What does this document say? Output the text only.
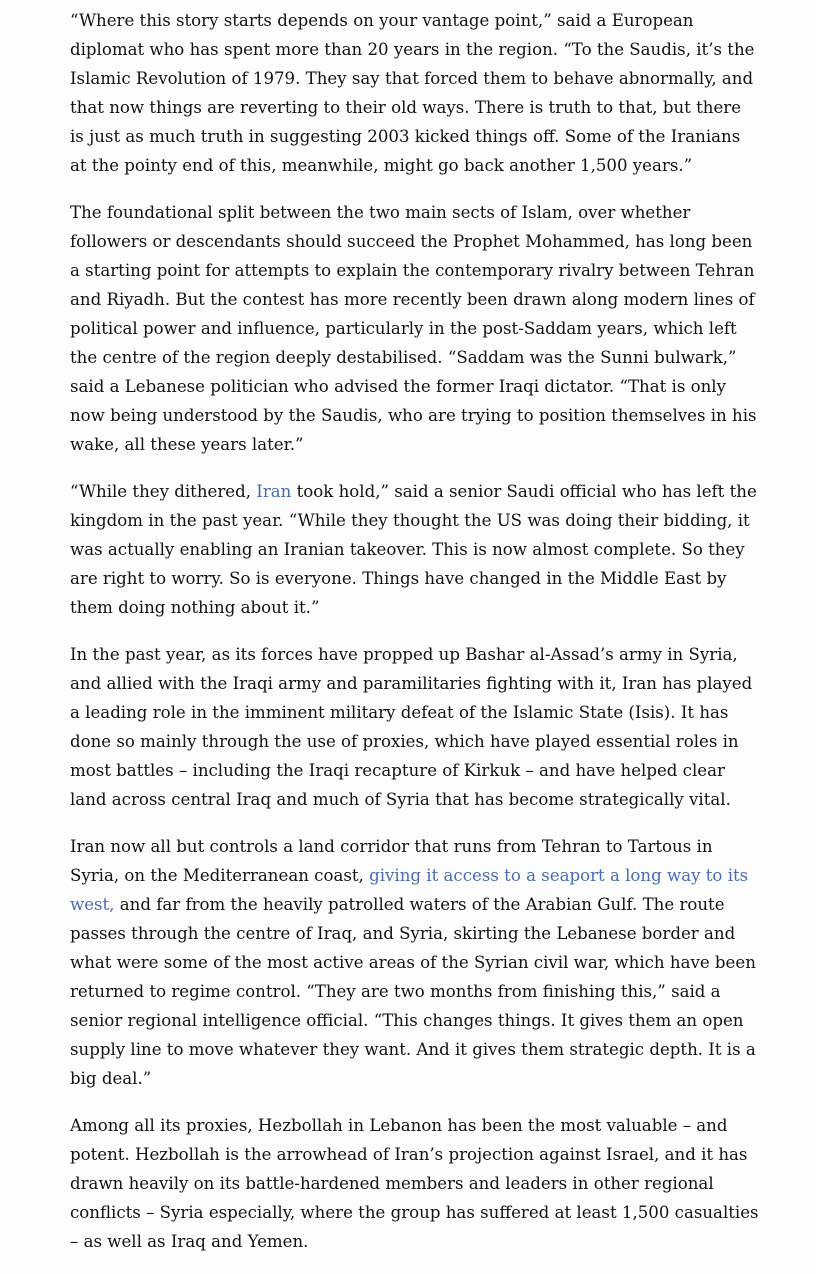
“Where this story starts depends on your vantage point,” said a European diplomat who has spent more than 20 years in the region. “To the Saudis, it’s the Islamic Revolution of 1979. They say that forced them to behave abnormally, and that now things are reverting to their old ways. There is truth to that, but there is just as much truth in suggesting 2003 kicked things off. Some of the Iranians at the pointy end of this, meanwhile, might go back another 1,500 years.”

The foundational split between the two main sects of Islam, over whether followers or descendants should succeed the Prophet Mohammed, has long been a starting point for attempts to explain the contemporary rivalry between Tehran and Riyadh. But the contest has more recently been drawn along modern lines of political power and influence, particularly in the post-Saddam years, which left the centre of the region deeply destabilised. “Saddam was the Sunni bulwark,” said a Lebanese politician who advised the former Iraqi dictator. “That is only now being understood by the Saudis, who are trying to position themselves in his wake, all these years later.”

“While they dithered, Iran took hold,” said a senior Saudi official who has left the kingdom in the past year. “While they thought the US was doing their bidding, it was actually enabling an Iranian takeover. This is now almost complete. So they are right to worry. So is everyone. Things have changed in the Middle East by them doing nothing about it.”

In the past year, as its forces have propped up Bashar al-Assad’s army in Syria, and allied with the Iraqi army and paramilitaries fighting with it, Iran has played a leading role in the imminent military defeat of the Islamic State (Isis). It has done so mainly through the use of proxies, which have played essential roles in most battles – including the Iraqi recapture of Kirkuk – and have helped clear land across central Iraq and much of Syria that has become strategically vital.

Iran now all but controls a land corridor that runs from Tehran to Tartous in Syria, on the Mediterranean coast, giving it access to a seaport a long way to its west, and far from the heavily patrolled waters of the Arabian Gulf. The route passes through the centre of Iraq, and Syria, skirting the Lebanese border and what were some of the most active areas of the Syrian civil war, which have been returned to regime control. “They are two months from finishing this,” said a senior regional intelligence official. “This changes things. It gives them an open supply line to move whatever they want. And it gives them strategic depth. It is a big deal.”

Among all its proxies, Hezbollah in Lebanon has been the most valuable – and potent. Hezbollah is the arrowhead of Iran’s projection against Israel, and it has drawn heavily on its battle-hardened members and leaders in other regional conflicts – Syria especially, where the group has suffered at least 1,500 casualties – as well as Iraq and Yemen.
